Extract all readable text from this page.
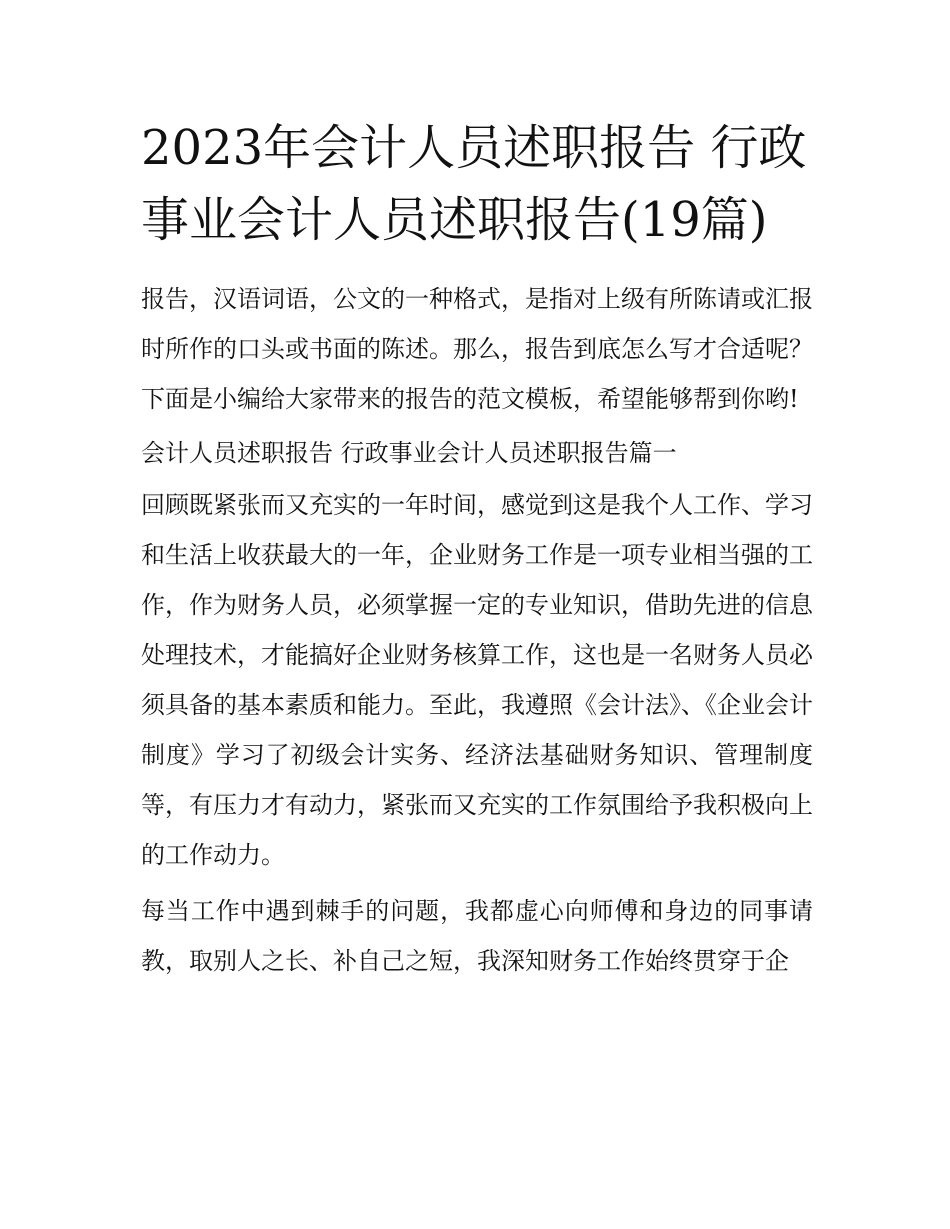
2023年会计人员述职报告 行政事业会计人员述职报告(19篇)

报告，汉语词语，公文的一种格式，是指对上级有所陈请或汇报时所作的口头或书面的陈述。那么，报告到底怎么写才合适呢？下面是小编给大家带来的报告的范文模板，希望能够帮到你哟!

会计人员述职报告 行政事业会计人员述职报告篇一

回顾既紧张而又充实的一年时间，感觉到这是我个人工作、学习和生活上收获最大的一年，企业财务工作是一项专业相当强的工作，作为财务人员，必须掌握一定的专业知识，借助先进的信息处理技术，才能搞好企业财务核算工作，这也是一名财务人员必须具备的基本素质和能力。至此，我遵照《会计法》、《企业会计制度》学习了初级会计实务、经济法基础财务知识、管理制度等，有压力才有动力，紧张而又充实的工作氛围给予我积极向上的工作动力。

每当工作中遇到棘手的问题，我都虚心向师傅和身边的同事请教，取别人之长、补自己之短，我深知财务工作始终贯穿于企
